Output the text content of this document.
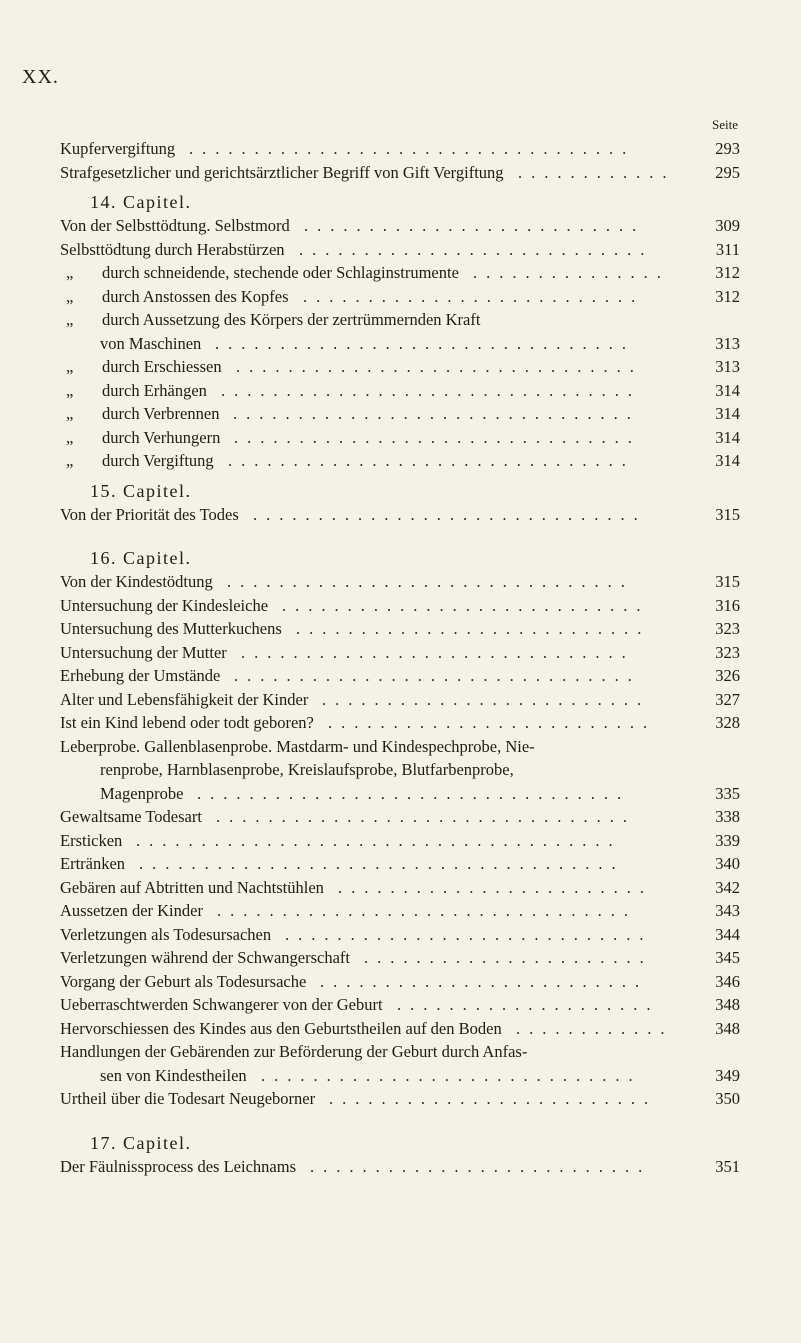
XX.
Seite
Kupfervergiftung ..................................	293
Strafgesetzlicher und gerichtsärztlicher Begriff von Gift Vergiftung ............	295
14. Capitel.
Von der Selbsttödtung. Selbstmord ..........................	309
Selbsttödtung durch Herabstürzen ...........................	311
„ durch schneidende, stechende oder Schlaginstrumente ...............	312
„ durch Anstossen des Kopfes ..........................	312
„ durch Aussetzung des Körpers der zertrümmernden Kraft
von Maschinen ................................	313
„ durch Erschiessen ...............................	313
„ durch Erhängen ................................	314
„ durch Verbrennen ...............................	314
„ durch Verhungern ...............................	314
„ durch Vergiftung ...............................	314
15. Capitel.
Von der Priorität des Todes ..............................	315
16. Capitel.
Von der Kindestödtung ...............................	315
Untersuchung der Kindesleiche ............................	316
Untersuchung des Mutterkuchens ...........................	323
Untersuchung der Mutter ..............................	323
Erhebung der Umstände ...............................	326
Alter und Lebensfähigkeit der Kinder .........................	327
Ist ein Kind lebend oder todt geboren? .........................	328
Leberprobe. Gallenblasenprobe. Mastdarm- und Kindespechprobe, Nie-
renprobe, Harnblasenprobe, Kreislaufsprobe, Blutfarbenprobe,
Magenprobe .................................	335
Gewaltsame Todesart ................................	338
Ersticken .....................................	339
Ertränken .....................................	340
Gebären auf Abtritten und Nachtstühlen ........................	342
Aussetzen der Kinder ................................	343
Verletzungen als Todesursachen ............................	344
Verletzungen während der Schwangerschaft ......................	345
Vorgang der Geburt als Todesursache .........................	346
Ueberraschtwerden Schwangerer von der Geburt ....................	348
Hervorschiessen des Kindes aus den Geburtstheilen auf den Boden ............	348
Handlungen der Gebärenden zur Beförderung der Geburt durch Anfas-
sen von Kindestheilen .............................	349
Urtheil über die Todesart Neugeborner .........................	350
17. Capitel.
Der Fäulnissprocess des Leichnams ..........................	351
